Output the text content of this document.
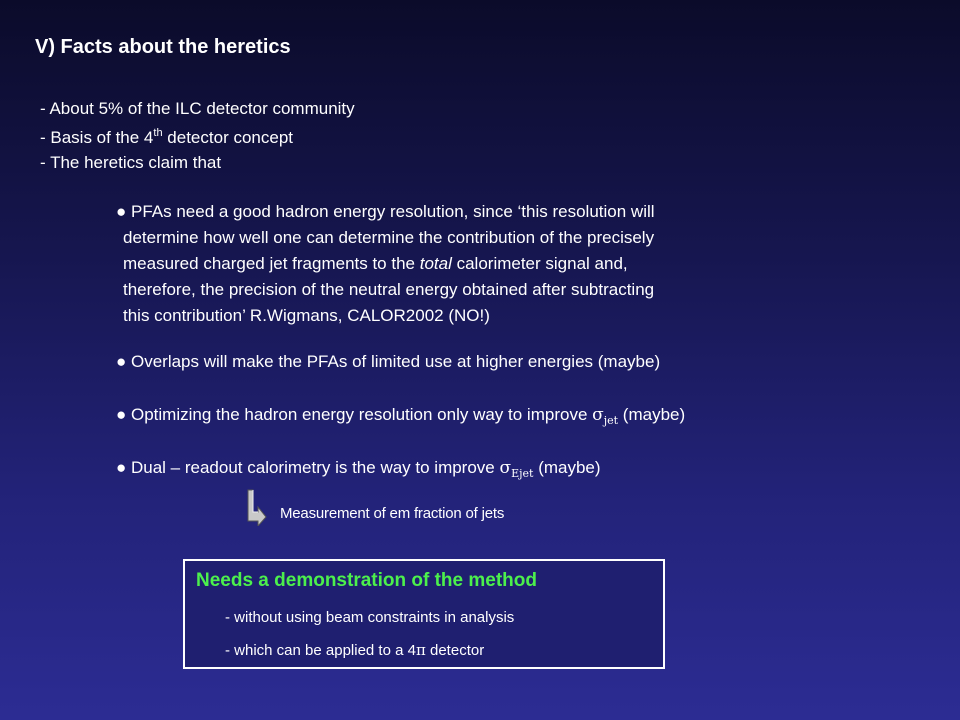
V) Facts about the heretics
- About 5% of the ILC detector community
- Basis of the 4th detector concept
- The heretics claim that
● PFAs need a good hadron energy resolution, since ‘this resolution will
determine how well one can determine the contribution of the precisely
measured charged jet fragments to the total calorimeter signal and,
therefore, the precision of the neutral energy obtained after subtracting
this contribution’ R.Wigmans, CALOR2002 (NO!)
● Overlaps will make the PFAs of limited use at higher energies (maybe)
● Optimizing the hadron energy resolution only way to improve $\sigma_{jet}$ (maybe)
● Dual – readout calorimetry is the way to improve $\sigma_{Ejet}$ (maybe)
Measurement of em fraction of jets
Needs a demonstration of the method
- without using beam constraints in analysis
- which can be applied to a 4π detector
